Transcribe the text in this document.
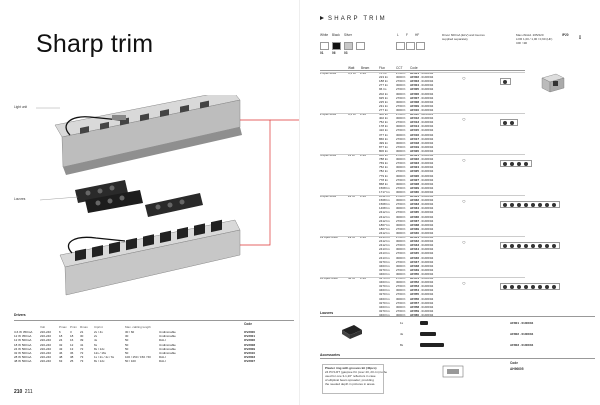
Sharp trim
Light unit
Louvres
Drivers
Code
Volt	Pmax Pmin Rmax Ciprint	Max. cabling length
3-6 W 350mA	220-240	6	3	21	2x / 4x	30 / 60	Undimmable	OV2000
12 W 350mA	220-240	18	18 30	2x	30	Undimmable	OV2001
12 W 500mA	220-240	24	16 39	4x	50	DALI	OV2006
18 W 500mA	220-240	32	12 41	6x	50	Undimmable	OV2008
24 W 500mA	220-240	43	13 72	8x / 12x	50	Undimmable	OV2009
32 W 500mA	220-240	46	36 72	12x / 16x	50	Undimmable	OV2010
28 W 500mA	220-240	48	38 73	1x / 2x / 4x / 6x	100 / 150 / 150 / 50	DALI	OV2003
48 W 500mA	220-240	63	25 73	8x / 12x	50 / 100	DALI	OV2007
210 211
SHARP TRIM
White Black Silver
01	06	03
L F HF	Driver 600mA (ELV) and louvres
supplied separately
Max./Abstd. 205/220
LOR 1,00 / 1,00 / 0,90 (HF)
CRI >90
IP20	[]
Watt Beam	Flux	CCT Code
1 optic units	3,5 W 1-10°	78 lm	2700 K AF001 . 01/06/04
223 lm	3000 K AF002 . 01/06/04
188 lm	2700 K AF003 . 01/06/04
277 lm	3000 K AF004 . 01/06/04
96 lm	2700 K AF005 . 01/06/04
202 lm	3000 K AF006 . 01/06/04
925 lm	2700 K AF007 . 01/06/04
225 lm	3000 K AF008 . 01/06/04
231 lm	2700 K AF009 . 01/06/04
277 lm	3000 K AF010 . 01/06/04
○
2 optic units	6,5 W 1-10°	402 lm	2700 K AF011 . 01/06/04
402 lm	3000 K AF012 . 01/06/04
752 lm	2700 K AF013 . 01/06/04
178 lm	3000 K AF014 . 01/06/04
410 lm	2700 K AF015 . 01/06/04
377 lm	3000 K AF016 . 01/06/04
866 lm	2700 K AF017 . 01/06/04
499 lm	3000 K AF018 . 01/06/04
877 lm	2700 K AF019 . 01/06/04
806 lm	3000 K AF020 . 01/06/04
○
4 optic units	11 W 1-10°	866 lm	2700 K AF021 . 01/06/04
788 lm	3000 K AF022 . 01/06/04
769 lm	2700 K AF023 . 01/06/04
752 lm	3000 K AF024 . 01/06/04
782 lm	2700 K AF025 . 01/06/04
779 lm	3000 K AF026 . 01/06/04
778 lm	2700 K AF027 . 01/06/04
868 lm	3000 K AF028 . 01/06/04
1568 lm 2700 K AF029 . 01/06/04
1717 lm 3000 K AF030 . 01/06/04
○
8 optic units	22 W 1-10°	1812 lm 2700 K AF031 . 01/06/04
1568 lm 3000 K AF032 . 01/06/04
1568 lm 2700 K AF033 . 01/06/04
1468 lm 3000 K AF034 . 01/06/04
2412 lm 2700 K AF035 . 01/06/04
2412 lm 3000 K AF036 . 01/06/04
2412 lm 2700 K AF037 . 01/06/04
1867 lm 3000 K AF038 . 01/06/04
1867 lm 2700 K AF039 . 01/06/04
2412 lm 3000 K AF040 . 01/06/04
○
12 optic units	29 W 1-10°	2413 lm 2700 K AF041 . 01/06/04
2412 lm 3000 K AF042 . 01/06/04
2412 lm 2700 K AF043 . 01/06/04
2413 lm 3000 K AF044 . 01/06/04
2413 lm 2700 K AF045 . 01/06/04
2413 lm 3000 K AF046 . 01/06/04
3270 lm 2700 K AF047 . 01/06/04
3463 lm 3000 K AF048 . 01/06/04
3270 lm 2700 K AF049 . 01/06/04
3463 lm 3000 K AF050 . 01/06/04
○
16 optic units	44 W 1-10°	3270 lm 2700 K AF051 . 01/06/04
3463 lm 3000 K AF052 . 01/06/04
3270 lm 2700 K AF053 . 01/06/04
3463 lm 3000 K AF054 . 01/06/04
3270 lm 2700 K AF055 . 01/06/04
3463 lm 3000 K AF056 . 01/06/04
3270 lm 2700 K AF057 . 01/06/04
3463 lm 3000 K AF058 . 01/06/04
3270 lm 2700 K AF059 . 01/06/04
3463 lm 3000 K AF060 . 01/06/04
○
Louvres
1x	AF801 . 01/06/04
4x	AF802 . 01/06/04
8x	AF803 . 01/06/04
Accessories
Plaster ring with grooves kit (40pcs)
24 PCS.RT (gas)ove Kit (over 40, 20 cm) to be
used for one 3-1,20" reflectors in case
of elliptical beam spreader; providing
the needed depth in pictures in areas.
Code
AH96605
